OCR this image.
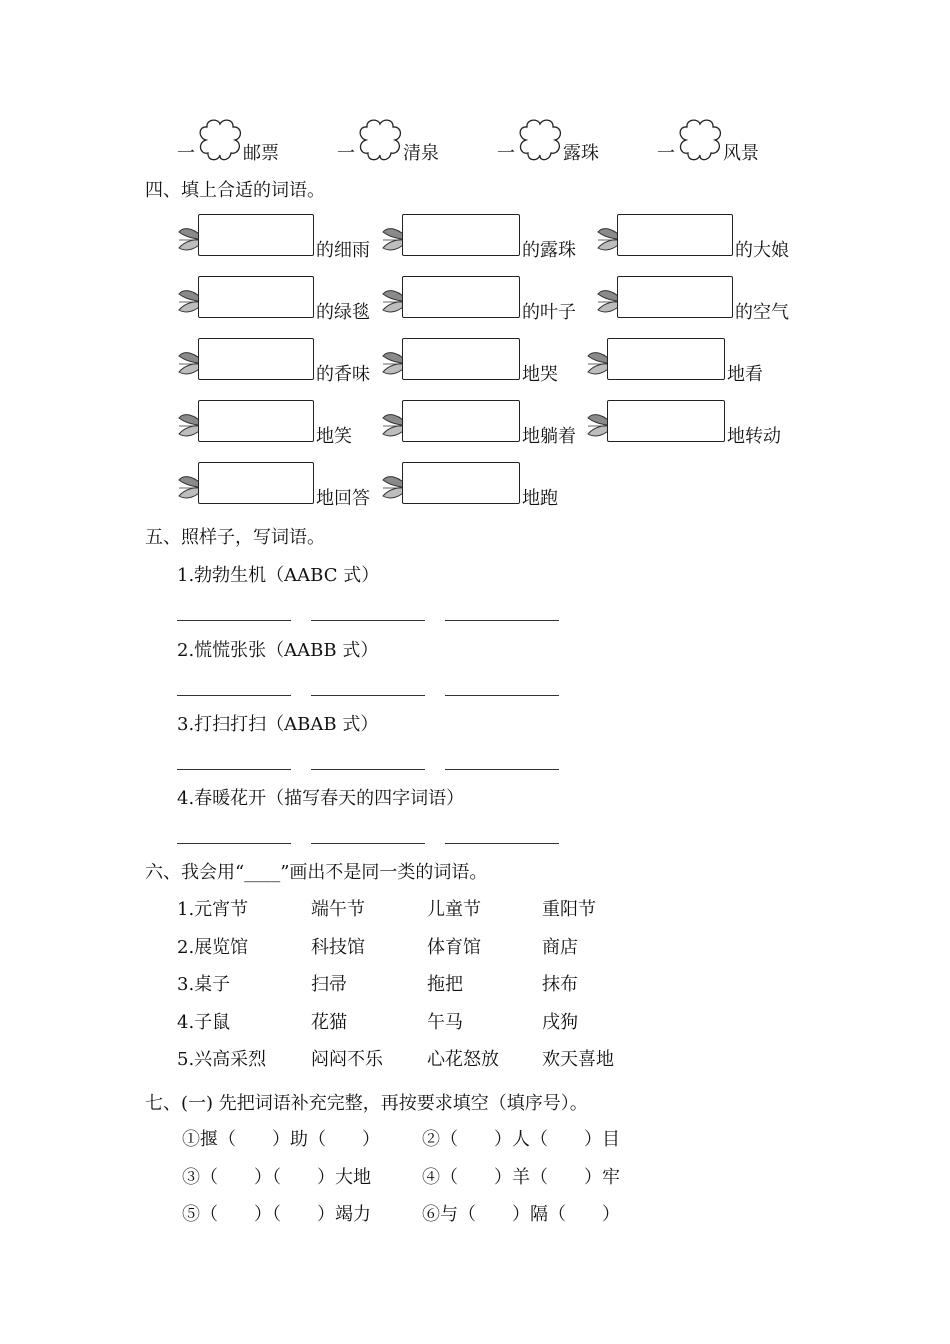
一	邮票	一	清泉	一	露珠	一	风景
四、填上合适的词语。
的细雨	的露珠	的大娘
的绿毯	的叶子	的空气
的香味	地哭	地看
地笑	地躺着	地转动
地回答	地跑
五、照样子，写词语。
1.勃勃生机（AABC 式）
2.慌慌张张（AABB 式）
3.打扫打扫（ABAB 式）
4.春暖花开（描写春天的四字词语）
六、我会用“____”画出不是同一类的词语。
1.元宵节	端午节	儿童节	重阳节
2.展览馆	科技馆	体育馆	商店
3.桌子	扫帚	拖把	抹布
4.子鼠	花猫	午马	戌狗
5.兴高采烈 闷闷不乐 心花怒放 欢天喜地
七、(一) 先把词语补充完整，再按要求填空（填序号）。
①揠（　　）助（　　） ②（　　）人（　　）目
③（　　）（　　）大地	④（　　）羊（　　）牢
⑤（　　）（　　）竭力	⑥与（　　）隔（　　）
